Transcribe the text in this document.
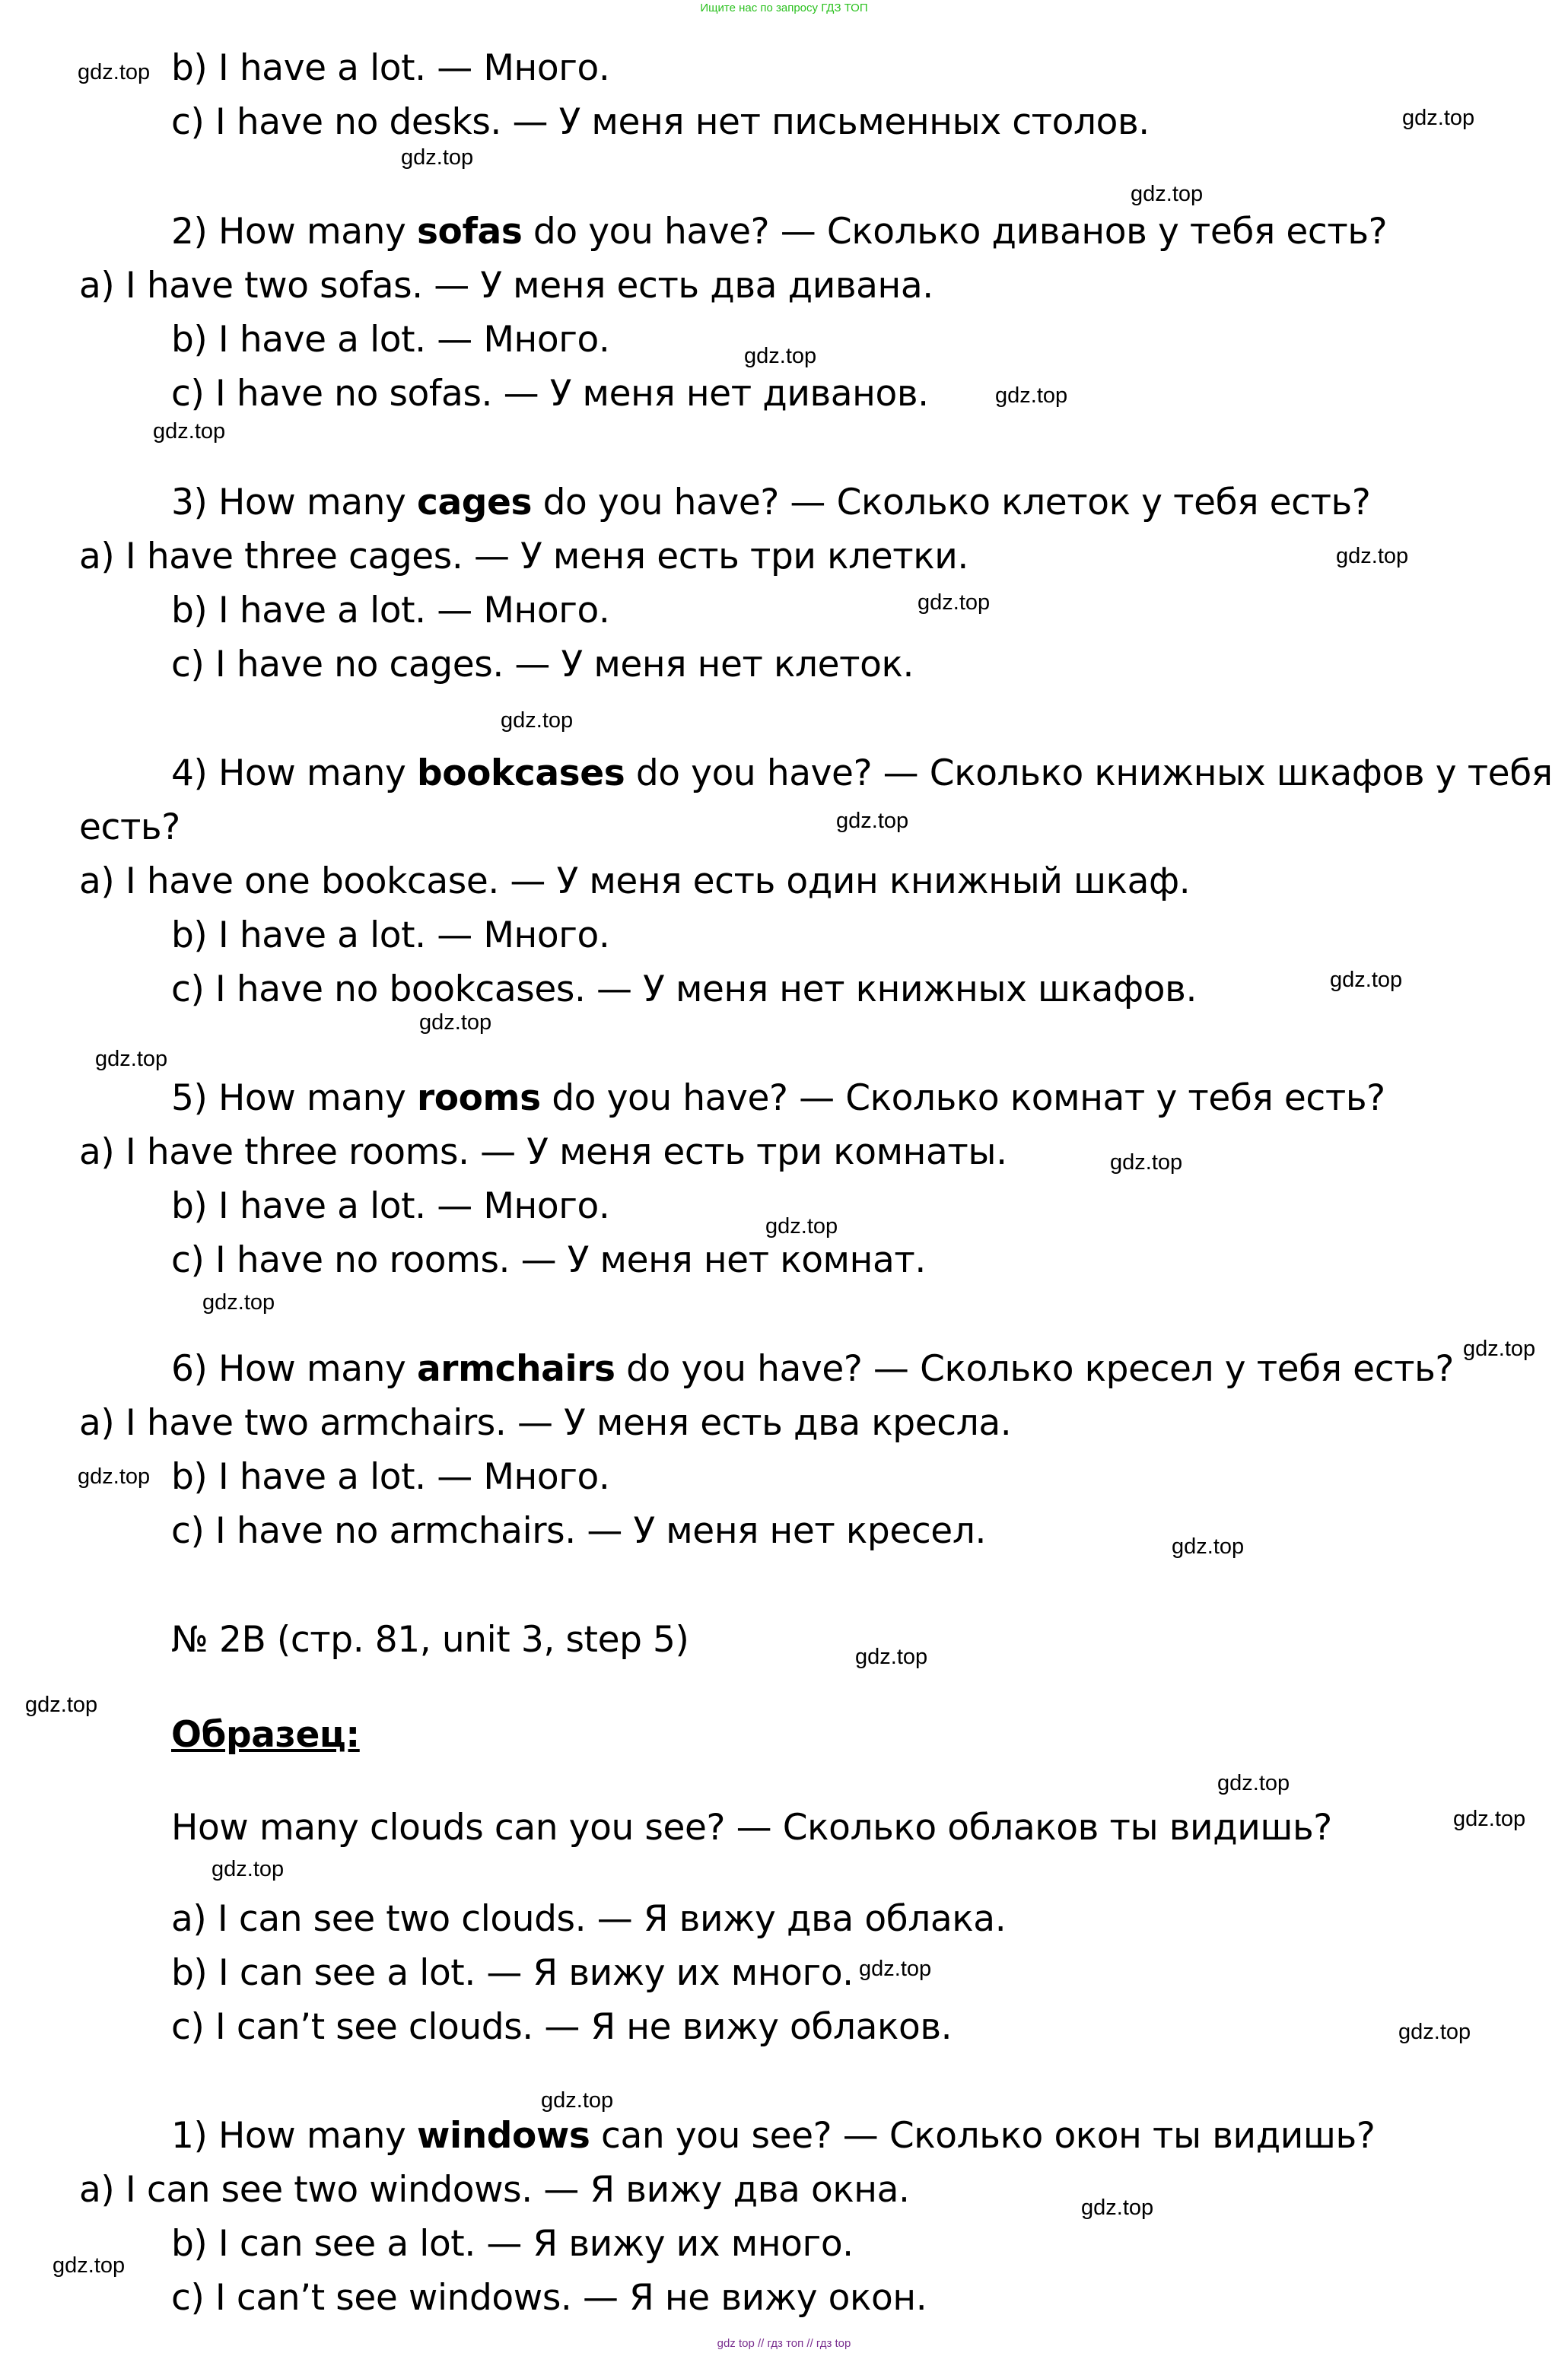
Ищите нас по запросу ГДЗ ТОП
b) I have a lot. — Много.
c) I have no desks. — У меня нет письменных столов.
2) How many sofas do you have? — Сколько диванов у тебя есть?
a) I have two sofas. — У меня есть два дивана.
b) I have a lot. — Много.
c) I have no sofas. — У меня нет диванов.
3) How many cages do you have? — Сколько клеток у тебя есть?
a) I have three cages. — У меня есть три клетки.
b) I have a lot. — Много.
c) I have no cages. — У меня нет клеток.
4) How many bookcases do you have? — Сколько книжных шкафов у тебя
есть?
a) I have one bookcase. — У меня есть один книжный шкаф.
b) I have a lot. — Много.
c) I have no bookcases. — У меня нет книжных шкафов.
5) How many rooms do you have? — Сколько комнат у тебя есть?
a) I have three rooms. — У меня есть три комнаты.
b) I have a lot. — Много.
c) I have no rooms. — У меня нет комнат.
6) How many armchairs do you have? — Сколько кресел у тебя есть?
a) I have two armchairs. — У меня есть два кресла.
b) I have a lot. — Много.
c) I have no armchairs. — У меня нет кресел.
№ 2B (стр. 81, unit 3, step 5)
Образец:
How many clouds can you see? — Сколько облаков ты видишь?
a) I can see two clouds. — Я вижу два облака.
b) I can see a lot. — Я вижу их много.
c) I can’t see clouds. — Я не вижу облаков.
1) How many windows can you see? — Сколько окон ты видишь?
a) I can see two windows. — Я вижу два окна.
b) I can see a lot. — Я вижу их много.
c) I can’t see windows. — Я не вижу окон.
gdz.top
gdz.top
gdz.top
gdz.top
gdz.top
gdz.top
gdz.top
gdz.top
gdz.top
gdz.top
gdz.top
gdz.top
gdz.top
gdz.top
gdz.top
gdz.top
gdz.top
gdz.top
gdz.top
gdz.top
gdz.top
gdz.top
gdz.top
gdz.top
gdz.top
gdz.top
gdz.top
gdz.top
gdz.top
gdz.top
gdz top // гдз топ // гдз top
